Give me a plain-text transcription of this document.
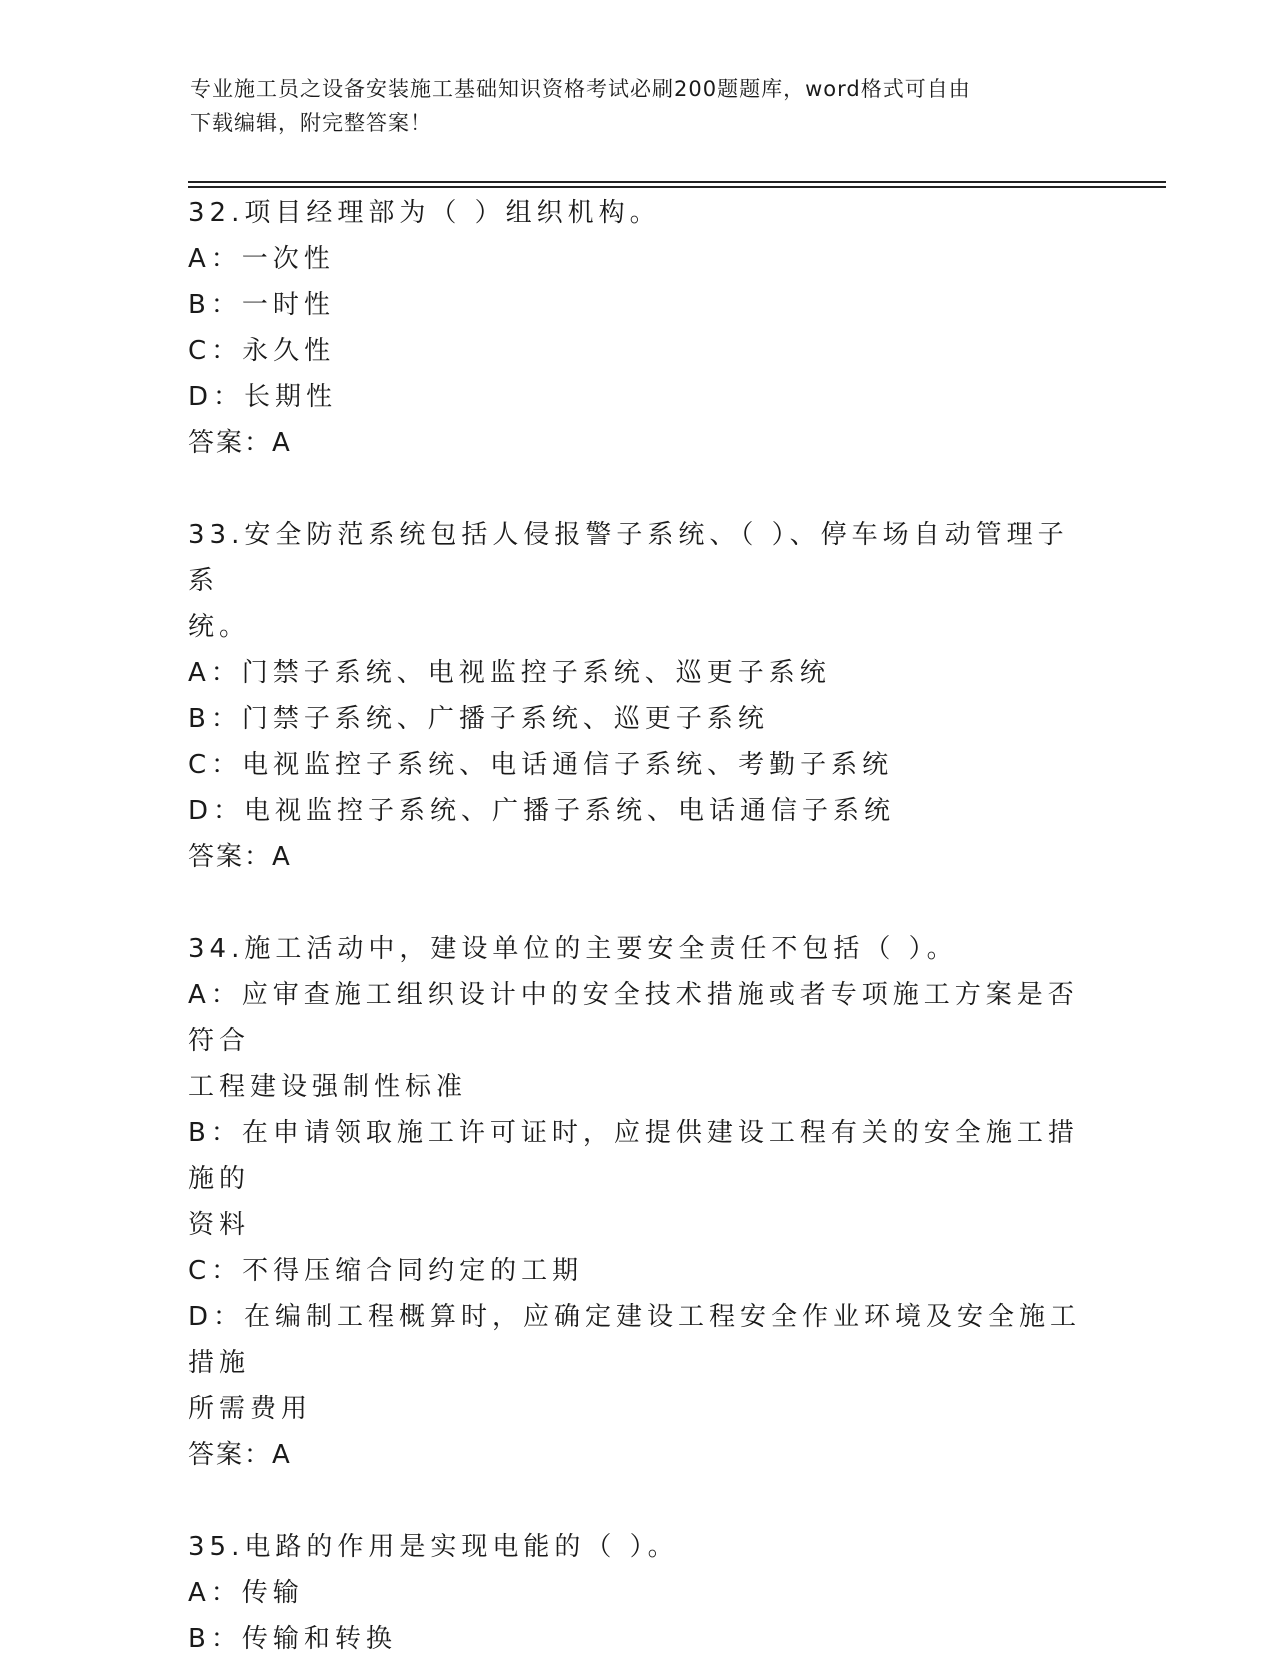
专业施工员之设备安装施工基础知识资格考试必刷200题题库，word格式可自由
下载编辑，附完整答案！
32.项目经理部为（ ）组织机构。
A：一次性
B：一时性
C：永久性
D：长期性
答案：A
33.安全防范系统包括人侵报警子系统、（ ）、停车场自动管理子系
统。
A：门禁子系统、电视监控子系统、巡更子系统
B：门禁子系统、广播子系统、巡更子系统
C：电视监控子系统、电话通信子系统、考勤子系统
D：电视监控子系统、广播子系统、电话通信子系统
答案：A
34.施工活动中，建设单位的主要安全责任不包括（ ）。
A：应审查施工组织设计中的安全技术措施或者专项施工方案是否符合
工程建设强制性标准
B：在申请领取施工许可证时，应提供建设工程有关的安全施工措施的
资料
C：不得压缩合同约定的工期
D：在编制工程概算时，应确定建设工程安全作业环境及安全施工措施
所需费用
答案：A
35.电路的作用是实现电能的（ ）。
A：传输
B：传输和转换
